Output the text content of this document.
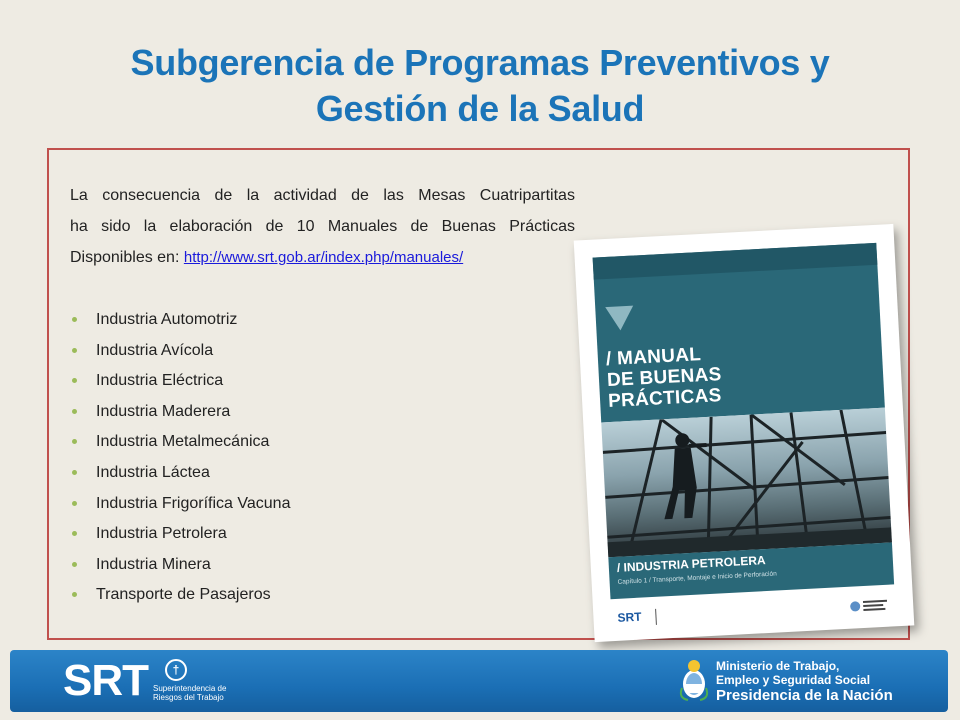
Subgerencia de Programas Preventivos y
Gestión de la Salud
La consecuencia de la actividad de las Mesas Cuatripartitas
ha sido la elaboración de 10 Manuales de Buenas Prácticas
Disponibles en: http://www.srt.gob.ar/index.php/manuales/
Industria Automotriz
Industria Avícola
Industria Eléctrica
Industria Maderera
Industria Metalmecánica
Industria Láctea
Industria Frigorífica Vacuna
Industria Petrolera
Industria Minera
Transporte de Pasajeros
/ MANUAL
DE BUENAS
PRÁCTICAS
/ INDUSTRIA PETROLERA
Capítulo 1 / Transporte, Montaje e Inicio de Perforación
SRT
SRT	†
Superintendencia de
Riesgos del Trabajo
Ministerio de Trabajo,
Empleo y Seguridad Social
Presidencia de la Nación
